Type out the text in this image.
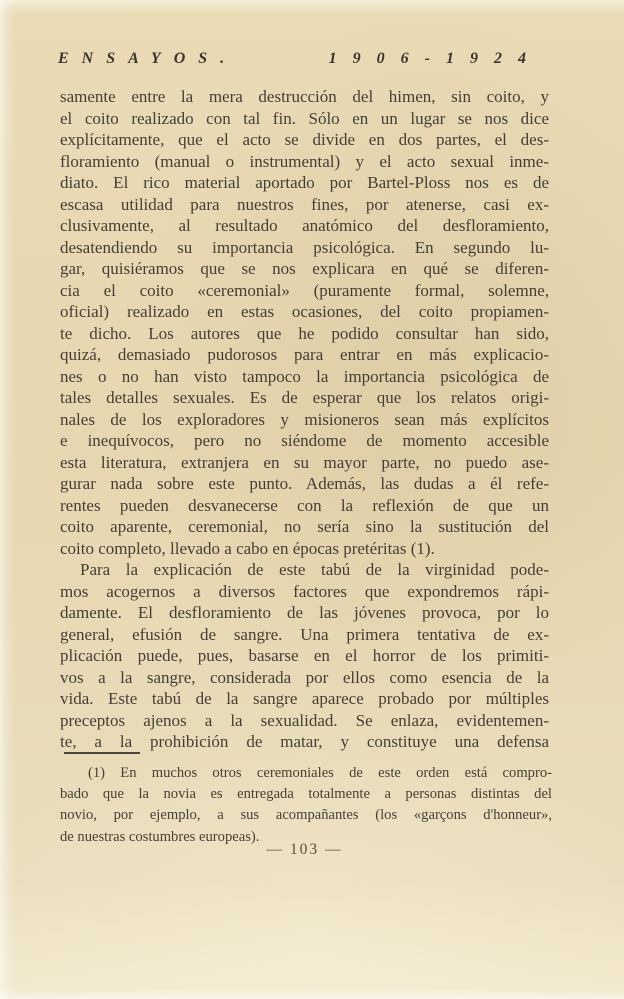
ENSAYOS.	1906-1924
samente entre la mera destrucción del himen, sin coito, y
el coito realizado con tal fin. Sólo en un lugar se nos dice
explícitamente, que el acto se divide en dos partes, el des-
floramiento (manual o instrumental) y el acto sexual inme-
diato. El rico material aportado por Bartel-Ploss nos es de
escasa utilidad para nuestros fines, por atenerse, casi ex-
clusivamente, al resultado anatómico del desfloramiento,
desatendiendo su importancia psicológica. En segundo lu-
gar, quisiéramos que se nos explicara en qué se diferen-
cia el coito «ceremonial» (puramente formal, solemne,
oficial) realizado en estas ocasiones, del coito propiamen-
te dicho. Los autores que he podido consultar han sido,
quizá, demasiado pudorosos para entrar en más explicacio-
nes o no han visto tampoco la importancia psicológica de
tales detalles sexuales. Es de esperar que los relatos origi-
nales de los exploradores y misioneros sean más explícitos
e inequívocos, pero no siéndome de momento accesible
esta literatura, extranjera en su mayor parte, no puedo ase-
gurar nada sobre este punto. Además, las dudas a él refe-
rentes pueden desvanecerse con la reflexión de que un
coito aparente, ceremonial, no sería sino la sustitución del
coito completo, llevado a cabo en épocas pretéritas (1).
Para la explicación de este tabú de la virginidad pode-
mos acogernos a diversos factores que expondremos rápi-
damente. El desfloramiento de las jóvenes provoca, por lo
general, efusión de sangre. Una primera tentativa de ex-
plicación puede, pues, basarse en el horror de los primiti-
vos a la sangre, considerada por ellos como esencia de la
vida. Este tabú de la sangre aparece probado por múltiples
preceptos ajenos a la sexualidad. Se enlaza, evidentemen-
te, a la prohibición de matar, y constituye una defensa
(1) En muchos otros ceremoniales de este orden está compro-
bado que la novia es entregada totalmente a personas distintas del
novio, por ejemplo, a sus acompañantes (los «garçons d'honneur»,
de nuestras costumbres europeas).
— 103 —
